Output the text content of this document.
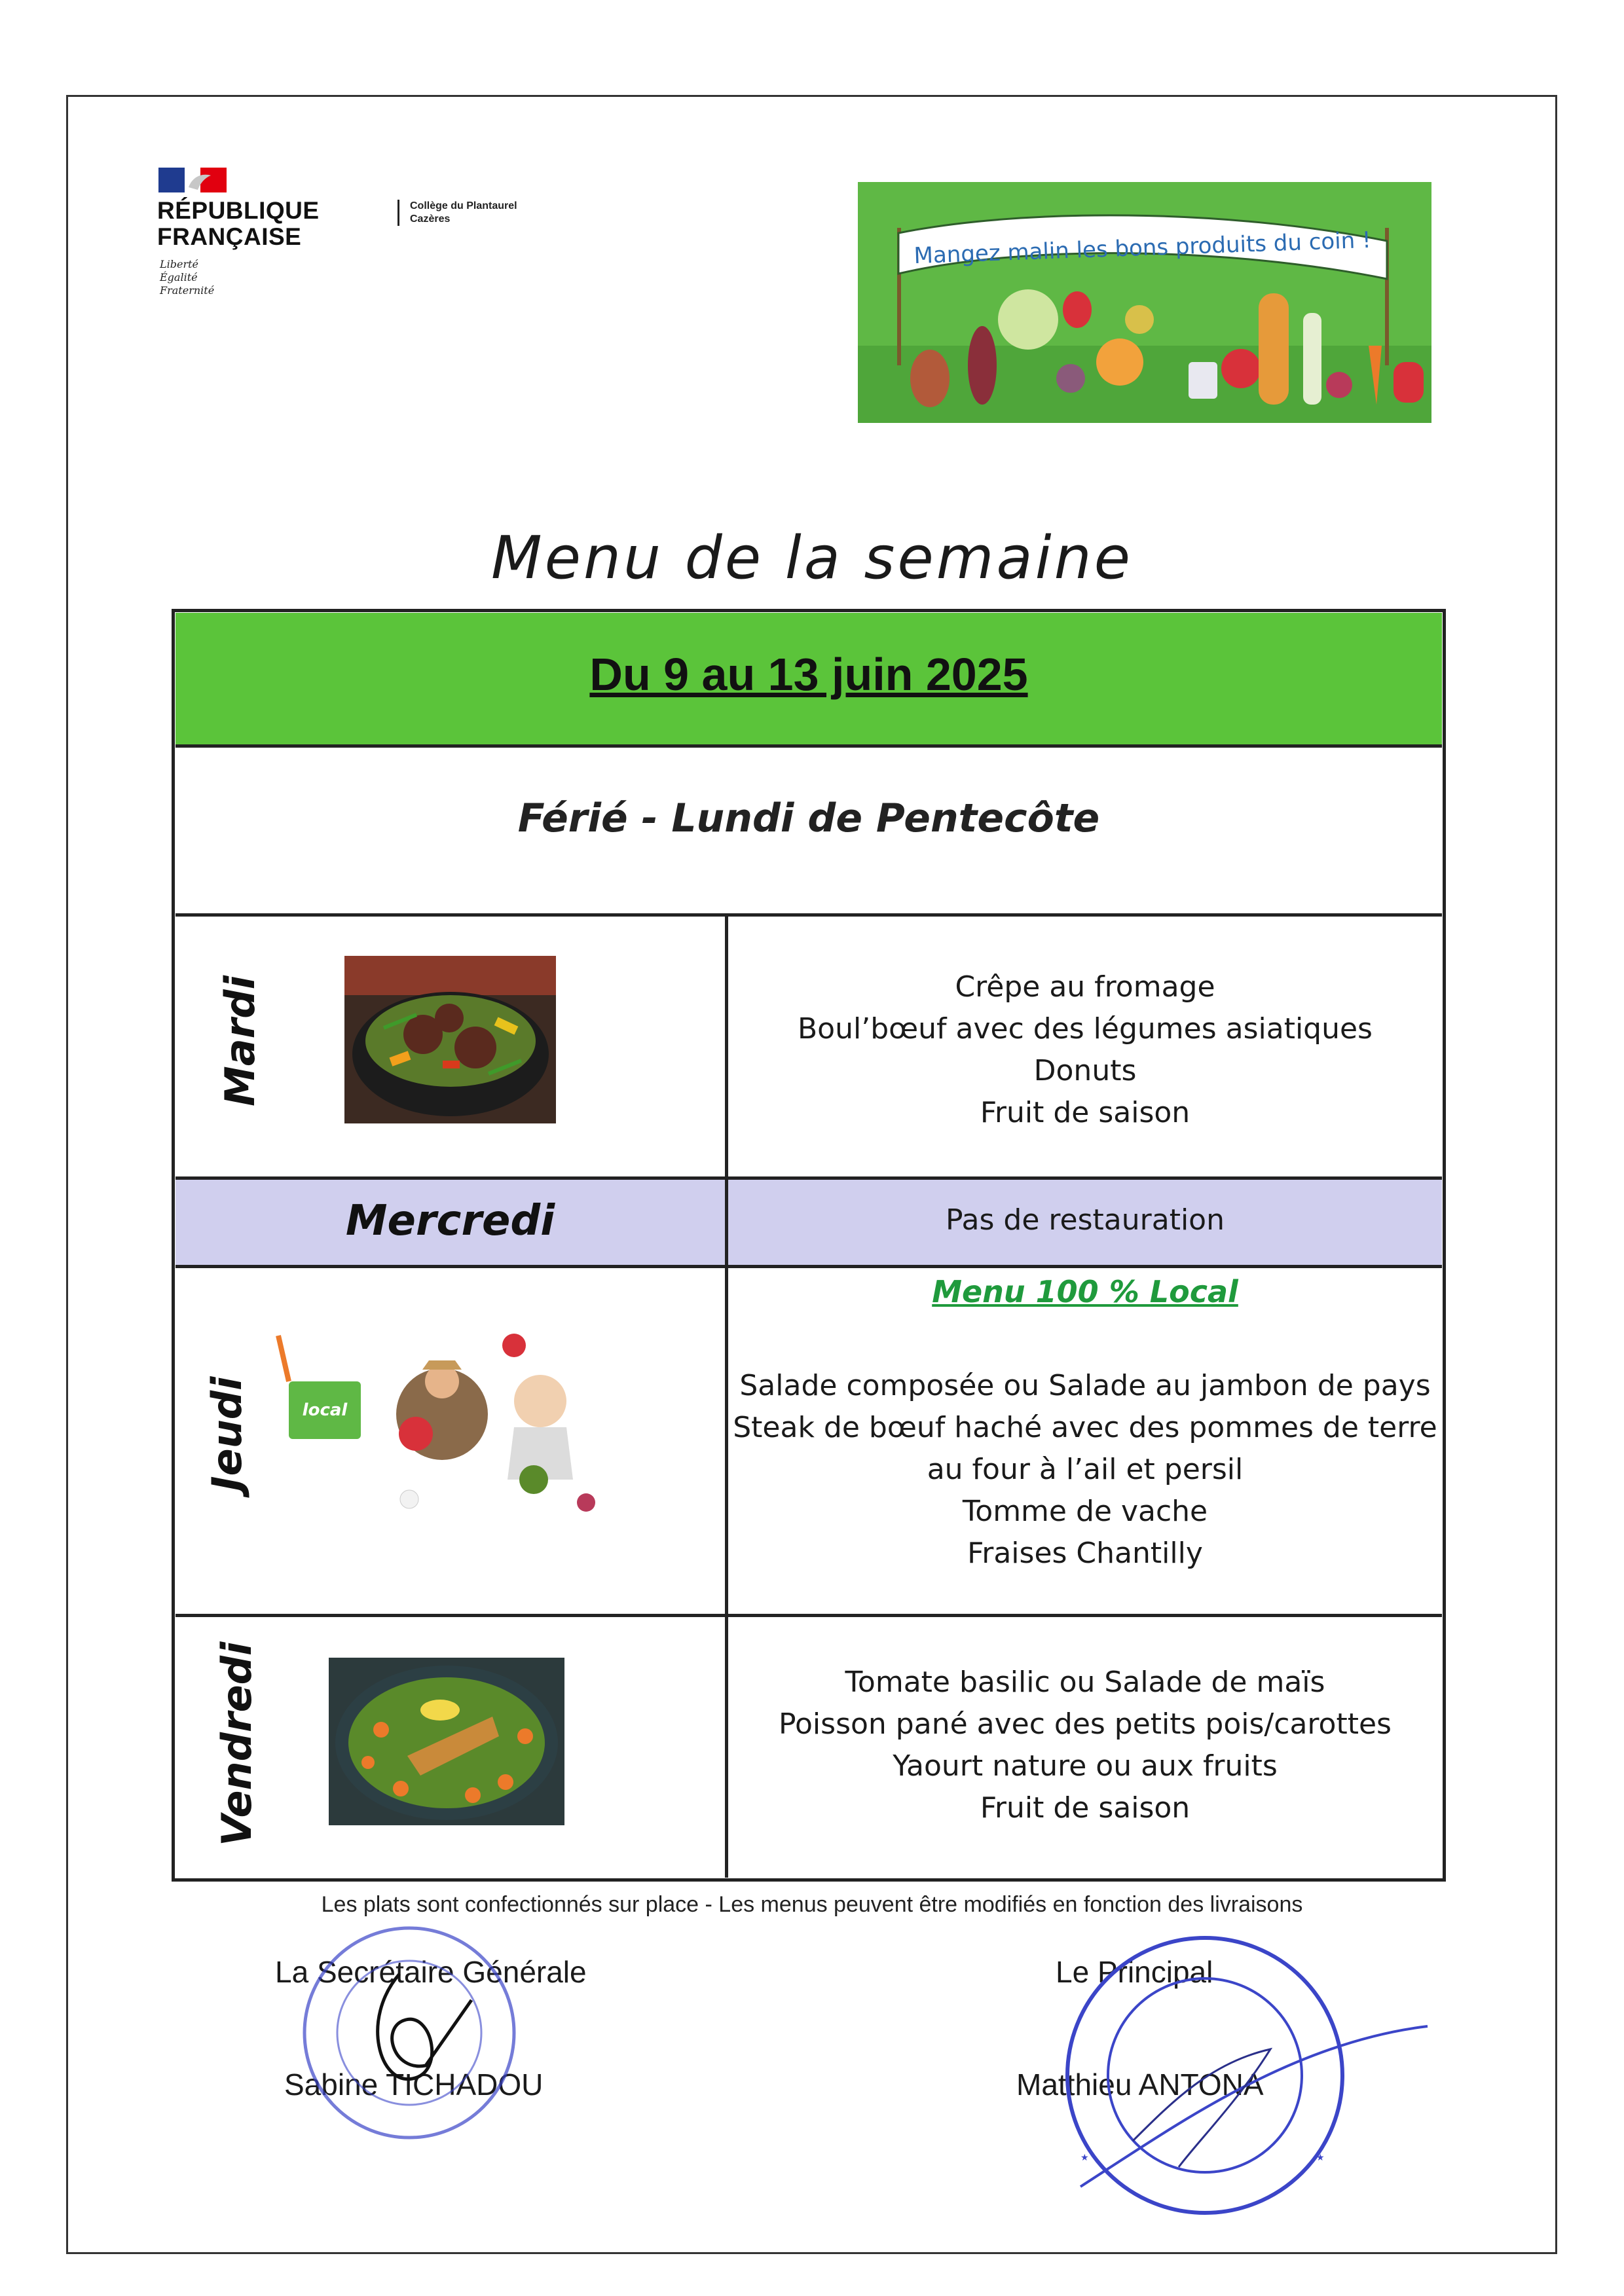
RÉPUBLIQUE
FRANÇAISE
Liberté
Égalité
Fraternité
Collège du Plantaurel
Cazères
Mangez malin les bons produits du coin !
Menu de la semaine
Du 9 au 13 juin 2025
Férié - Lundi de Pentecôte
Mardi	Crêpe au fromage
Boul’bœuf avec des légumes asiatiques
Donuts
Fruit de saison
Mercredi	Pas de restauration
Jeudi	local
Menu 100 % Local
Salade composée ou Salade au jambon de pays
Steak de bœuf haché avec des pommes de terre
au four à l’ail et persil
Tomme de vache
Fraises Chantilly
Vendredi	Tomate basilic ou Salade de maïs
Poisson pané avec des petits pois/carottes
Yaourt nature ou aux fruits
Fruit de saison
Les plats sont confectionnés sur place - Les menus peuvent être modifiés en fonction des livraisons
La Secrétaire Générale
Sabine TICHADOU
Le Principal
Matthieu ANTONA
★	★
